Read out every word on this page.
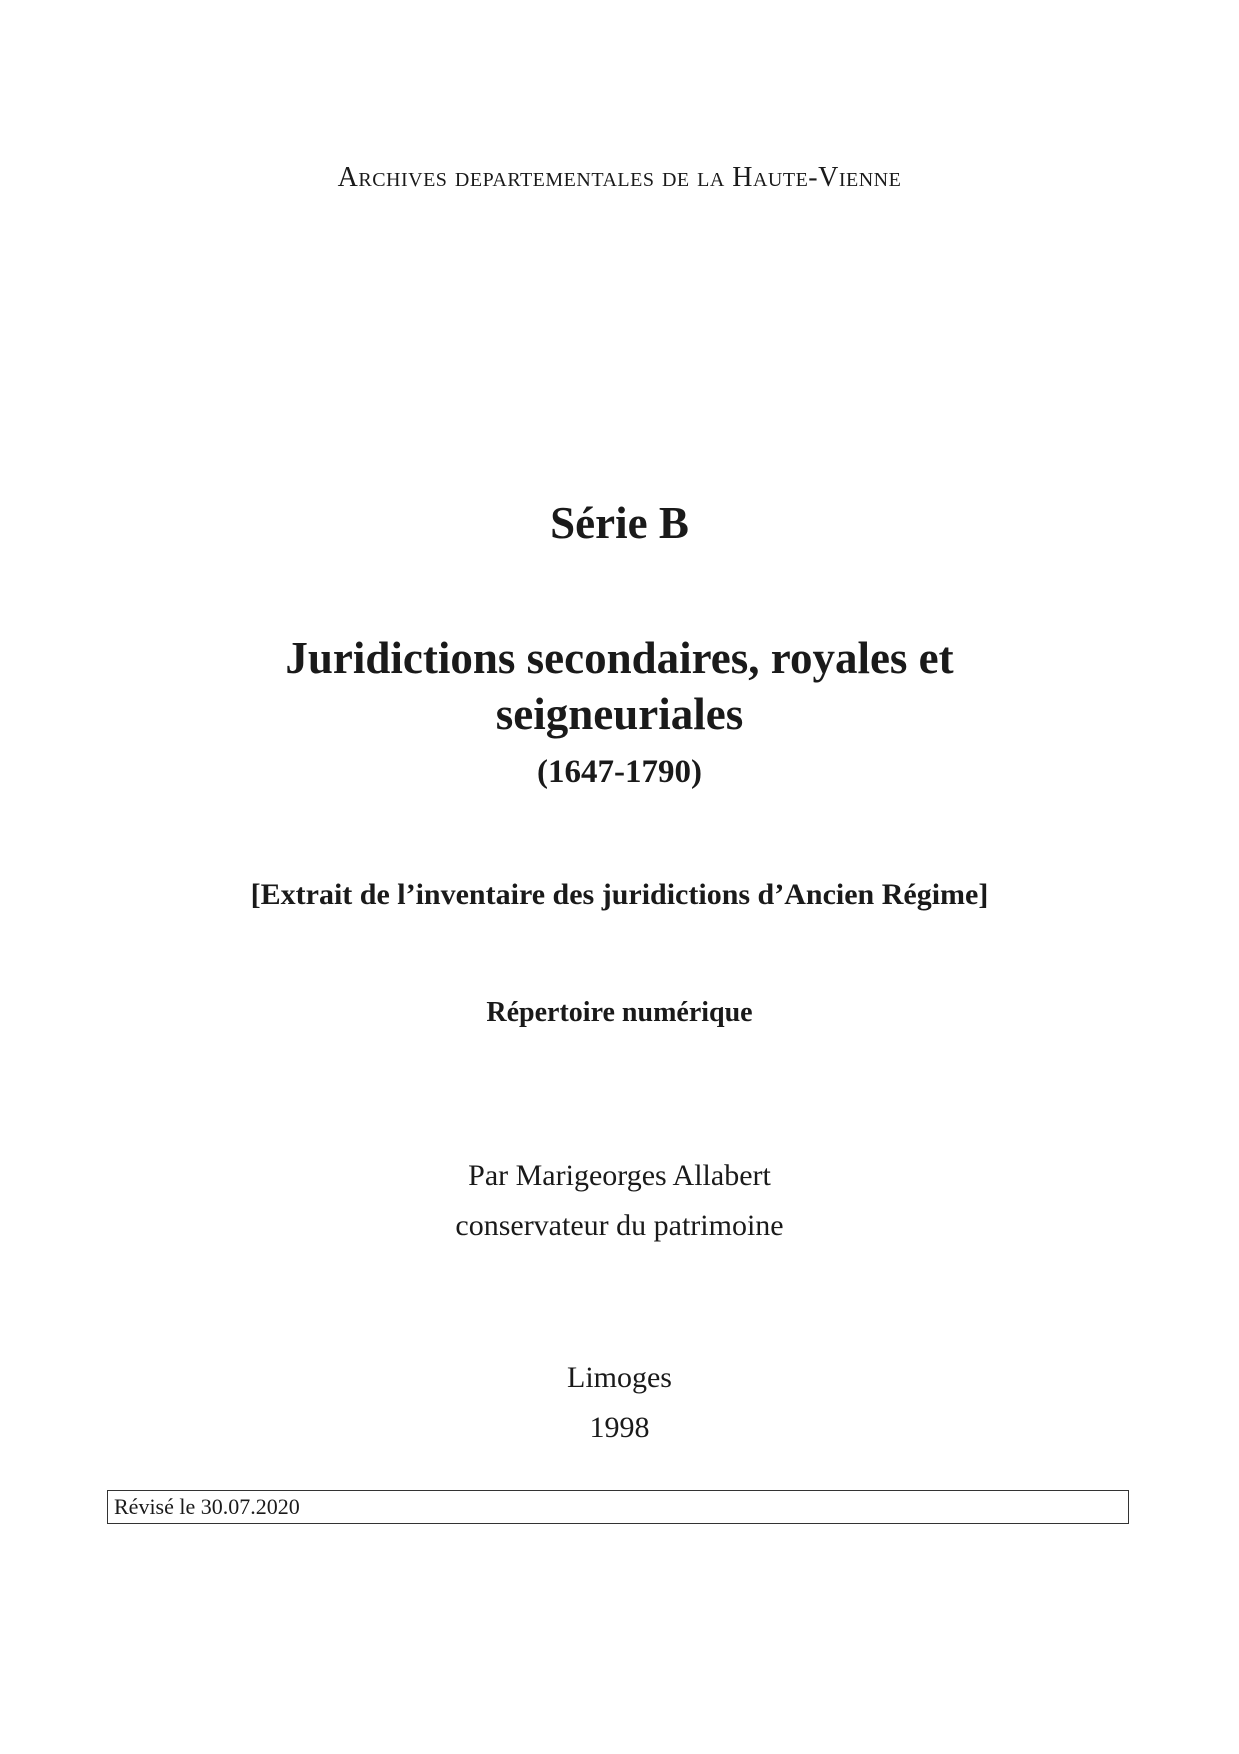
Archives departementales de la Haute-Vienne
Série B
Juridictions secondaires, royales et seigneuriales
(1647-1790)
[Extrait de l’inventaire des juridictions d’Ancien Régime]
Répertoire numérique
Par Marigeorges Allabert
conservateur du patrimoine
Limoges
1998
Révisé le 30.07.2020
